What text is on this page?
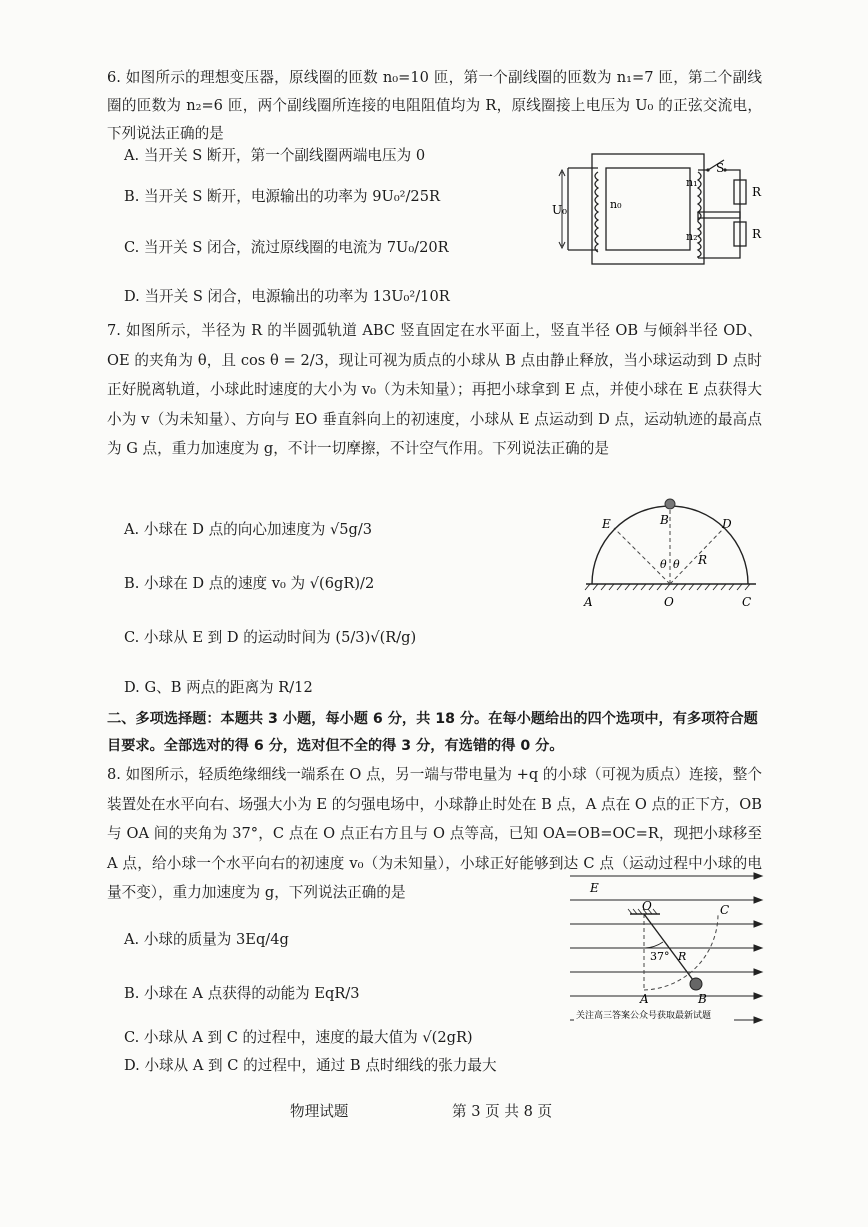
6. 如图所示的理想变压器，原线圈的匝数 n₀=10 匝，第一个副线圈的匝数为 n₁=7 匝，第二个副线圈的匝数为 n₂=6 匝，两个副线圈所连接的电阻阻值均为 R，原线圈接上电压为 U₀ 的正弦交流电，下列说法正确的是
A. 当开关 S 断开，第一个副线圈两端电压为 0
B. 当开关 S 断开，电源输出的功率为 9U₀²/25R
C. 当开关 S 闭合，流过原线圈的电流为 7U₀/20R
D. 当开关 S 闭合，电源输出的功率为 13U₀²/10R
U₀	n₀
n₁
n₂
S
R
R
7. 如图所示，半径为 R 的半圆弧轨道 ABC 竖直固定在水平面上，竖直半径 OB 与倾斜半径 OD、OE 的夹角为 θ，且 cos θ = 2/3，现让可视为质点的小球从 B 点由静止释放，当小球运动到 D 点时正好脱离轨道，小球此时速度的大小为 v₀（为未知量）；再把小球拿到 E 点，并使小球在 E 点获得大小为 v（为未知量）、方向与 EO 垂直斜向上的初速度，小球从 E 点运动到 D 点，运动轨迹的最高点为 G 点，重力加速度为 g，不计一切摩擦，不计空气作用。下列说法正确的是
A. 小球在 D 点的向心加速度为 √5g/3
B. 小球在 D 点的速度 v₀ 为 √(6gR)/2
C. 小球从 E 到 D 的运动时间为 (5/3)√(R/g)
D. G、B 两点的距离为 R/12
A	O	C
B
E	D
θ θ R
二、多项选择题：本题共 3 小题，每小题 6 分，共 18 分。在每小题给出的四个选项中，有多项符合题目要求。全部选对的得 6 分，选对但不全的得 3 分，有选错的得 0 分。
8. 如图所示，轻质绝缘细线一端系在 O 点，另一端与带电量为 +q 的小球（可视为质点）连接，整个装置处在水平向右、场强大小为 E 的匀强电场中，小球静止时处在 B 点，A 点在 O 点的正下方，OB 与 OA 间的夹角为 37°，C 点在 O 点正右方且与 O 点等高，已知 OA=OB=OC=R，现把小球移至 A 点，给小球一个水平向右的初速度 v₀（为未知量），小球正好能够到达 C 点（运动过程中小球的电量不变），重力加速度为 g，下列说法正确的是
A. 小球的质量为 3Eq/4g
B. 小球在 A 点获得的动能为 EqR/3
C. 小球从 A 到 C 的过程中，速度的最大值为 √(2gR)
D. 小球从 A 到 C 的过程中，通过 B 点时细线的张力最大
E
O	C
37° R
A	B
关注高三答案公众号获取最新试题
物理试题	第 3 页 共 8 页
